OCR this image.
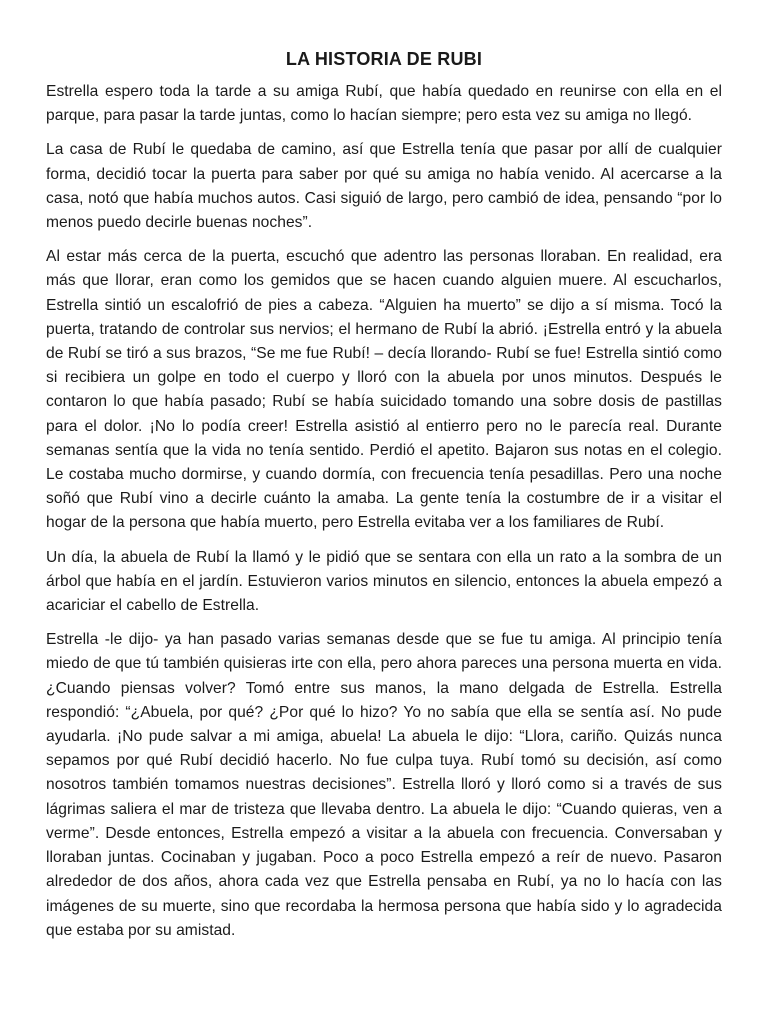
LA HISTORIA DE RUBI

Estrella espero toda la tarde a su amiga Rubí, que había quedado en reunirse con ella en el parque, para pasar la tarde juntas, como lo hacían siempre; pero esta vez su amiga no llegó.

La casa de Rubí le quedaba de camino, así que Estrella tenía que pasar por allí de cualquier forma, decidió tocar la puerta para saber por qué su amiga no había venido. Al acercarse a la casa, notó que había muchos autos. Casi siguió de largo, pero cambió de idea, pensando “por lo menos puedo decirle buenas noches”.

Al estar más cerca de la puerta, escuchó que adentro las personas lloraban. En realidad, era más que llorar, eran como los gemidos que se hacen cuando alguien muere. Al escucharlos, Estrella sintió un escalofrió de pies a cabeza. “Alguien ha muerto” se dijo a sí misma. Tocó la puerta, tratando de controlar sus nervios; el hermano de Rubí la abrió. ¡Estrella entró y la abuela de Rubí se tiró a sus brazos, “Se me fue Rubí! – decía llorando- Rubí se fue! Estrella sintió como si recibiera un golpe en todo el cuerpo y lloró con la abuela por unos minutos. Después le contaron lo que había pasado; Rubí se había suicidado tomando una sobre dosis de pastillas para el dolor. ¡No lo podía creer! Estrella asistió al entierro pero no le parecía real. Durante semanas sentía que la vida no tenía sentido. Perdió el apetito. Bajaron sus notas en el colegio. Le costaba mucho dormirse, y cuando dormía, con frecuencia tenía pesadillas. Pero una noche soñó que Rubí vino a decirle cuánto la amaba. La gente tenía la costumbre de ir a visitar el hogar de la persona que había muerto, pero Estrella evitaba ver a los familiares de Rubí.

Un día, la abuela de Rubí la llamó y le pidió que se sentara con ella un rato a la sombra de un árbol que había en el jardín. Estuvieron varios minutos en silencio, entonces la abuela empezó a acariciar el cabello de Estrella.

Estrella -le dijo- ya han pasado varias semanas desde que se fue tu amiga. Al principio tenía miedo de que tú también quisieras irte con ella, pero ahora pareces una persona muerta en vida. ¿Cuando piensas volver? Tomó entre sus manos, la mano delgada de Estrella. Estrella respondió: “¿Abuela, por qué? ¿Por qué lo hizo? Yo no sabía que ella se sentía así. No pude ayudarla. ¡No pude salvar a mi amiga, abuela! La abuela le dijo: “Llora, cariño. Quizás nunca sepamos por qué Rubí decidió hacerlo. No fue culpa tuya. Rubí tomó su decisión, así como nosotros también tomamos nuestras decisiones”. Estrella lloró y lloró como si a través de sus lágrimas saliera el mar de tristeza que llevaba dentro. La abuela le dijo: “Cuando quieras, ven a verme”. Desde entonces, Estrella empezó a visitar a la abuela con frecuencia. Conversaban y lloraban juntas. Cocinaban y jugaban. Poco a poco Estrella empezó a reír de nuevo. Pasaron alrededor de dos años, ahora cada vez que Estrella pensaba en Rubí, ya no lo hacía con las imágenes de su muerte, sino que recordaba la hermosa persona que había sido y lo agradecida que estaba por su amistad.
